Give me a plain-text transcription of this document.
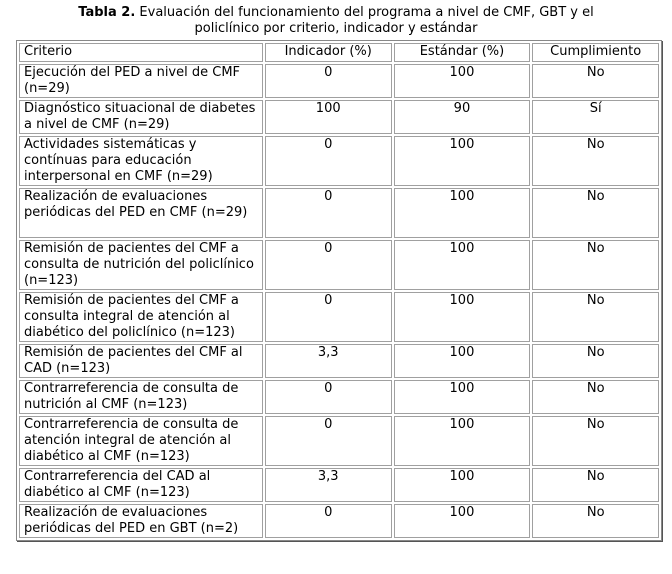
Tabla 2. Evaluación del funcionamiento del programa a nivel de CMF, GBT y el
policlínico por criterio, indicador y estándar
Criterio	Indicador (%)	Estándar (%)	Cumplimiento
Ejecución del PED a nivel de CMF (n=29)	0	100	No
Diagnóstico situacional de diabetes a nivel de CMF (n=29)	100	90	Sí
Actividades sistemáticas y contínuas para educación interpersonal en CMF (n=29)	0	100	No
Realización de evaluaciones periódicas del PED en CMF (n=29)	0	100	No
Remisión de pacientes del CMF a consulta de nutrición del policlínico (n=123)	0	100	No
Remisión de pacientes del CMF a consulta integral de atención al diabético del policlínico (n=123)	0	100	No
Remisión de pacientes del CMF al CAD (n=123)	3,3	100	No
Contrarreferencia de consulta de nutrición al CMF (n=123)	0	100	No
Contrarreferencia de consulta de atención integral de atención al diabético al CMF (n=123)	0	100	No
Contrarreferencia del CAD al diabético al CMF (n=123)	3,3	100	No
Realización de evaluaciones periódicas del PED en GBT (n=2)	0	100	No
